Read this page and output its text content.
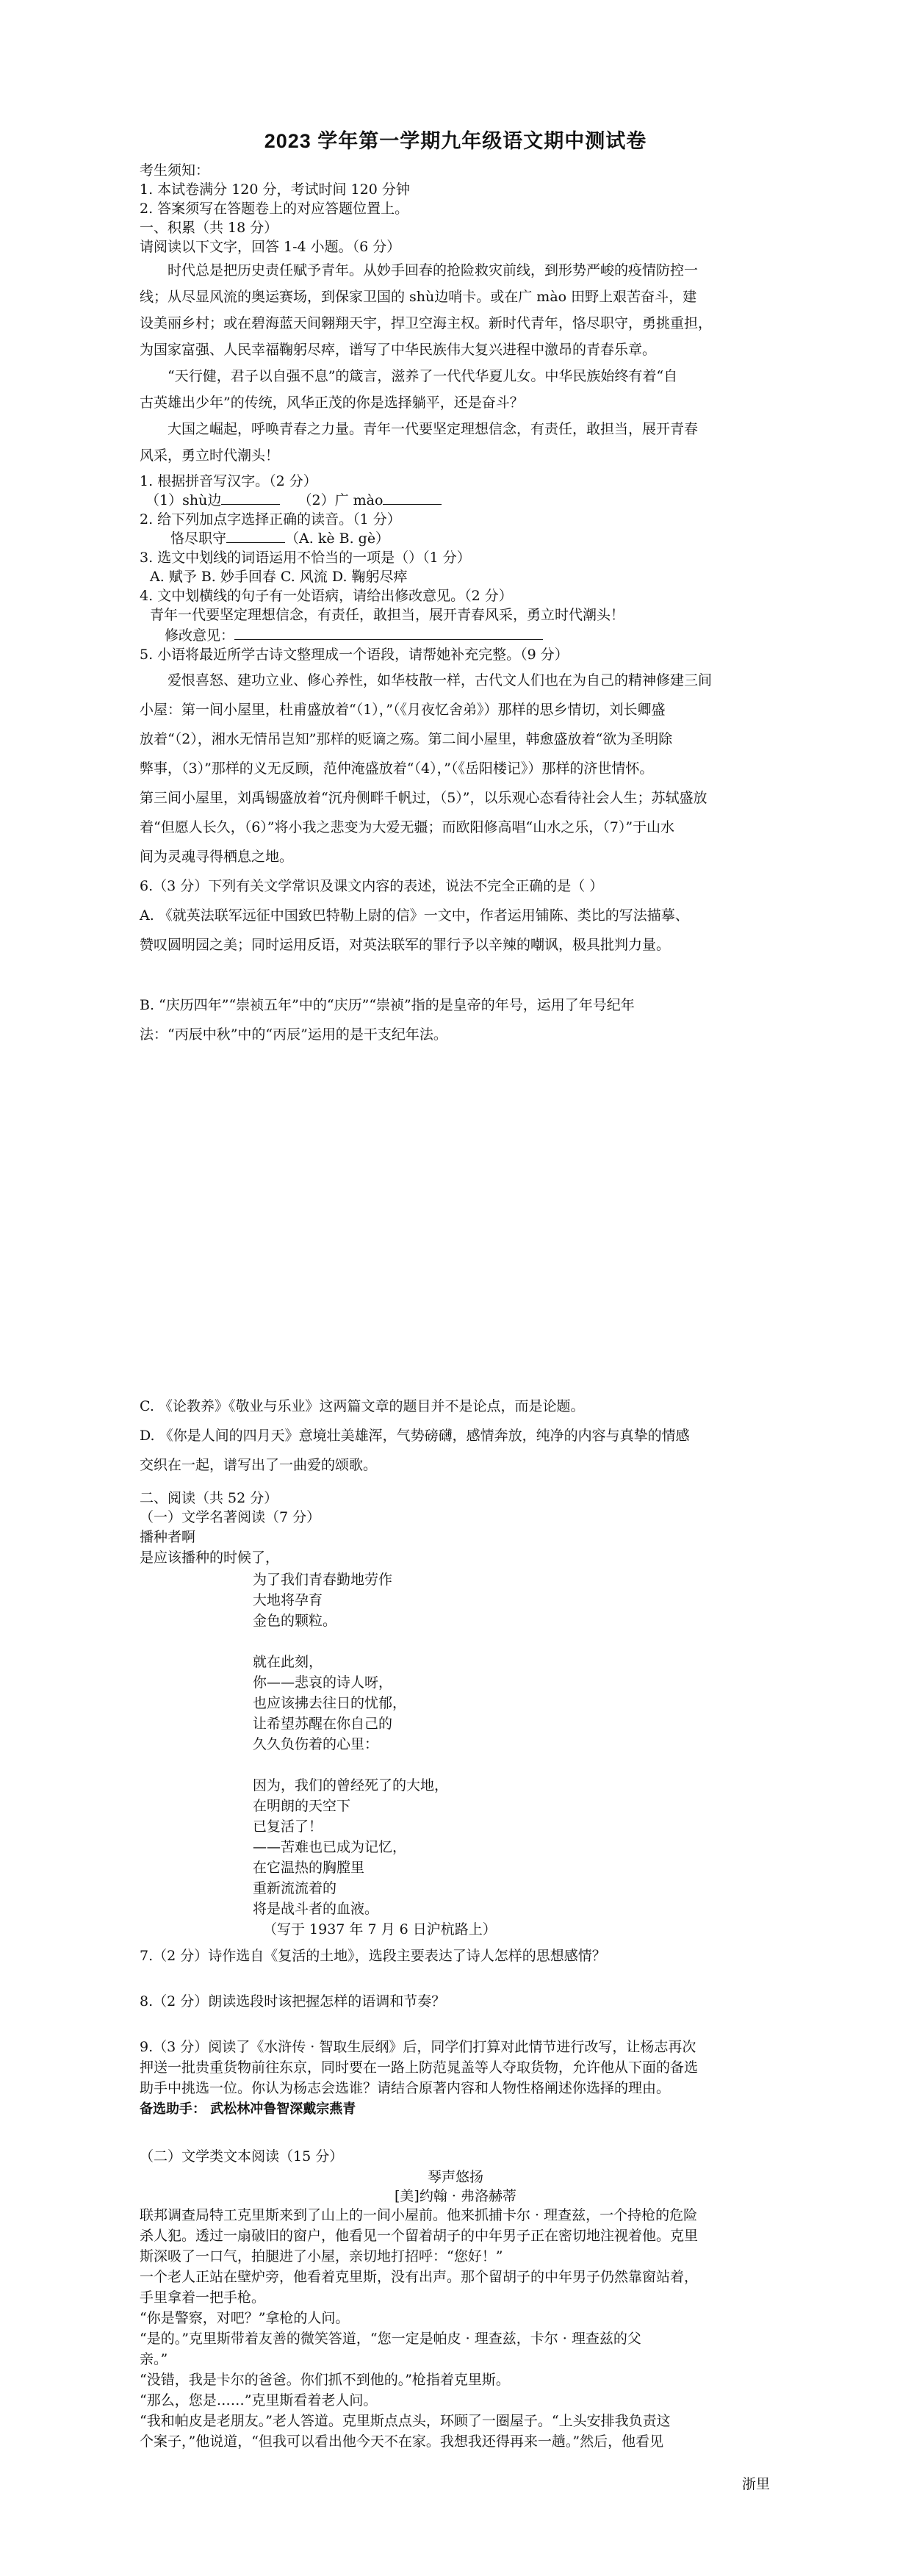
2023 学年第一学期九年级语文期中测试卷
考生须知：
1. 本试卷满分 120 分，考试时间 120 分钟
2. 答案须写在答题卷上的对应答题位置上。
一、积累（共 18 分）
请阅读以下文字，回答 1-4 小题。（6 分）
时代总是把历史责任赋予青年。从妙手回春的抢险救灾前线，到形势严峻的疫情防控一
线；从尽显风流的奥运赛场，到保家卫国的 shù边哨卡。或在广 mào 田野上艰苦奋斗，建
设美丽乡村；或在碧海蓝天间翱翔天宇，捍卫空海主权。新时代青年，恪尽职守，勇挑重担，
为国家富强、人民幸福鞠躬尽瘁，谱写了中华民族伟大复兴进程中激昂的青春乐章。
“天行健，君子以自强不息”的箴言，滋养了一代代华夏儿女。中华民族始终有着“自
古英雄出少年”的传统，风华正茂的你是选择躺平，还是奋斗？
大国之崛起，呼唤青春之力量。青年一代要坚定理想信念，有责任，敢担当，展开青春
风采，勇立时代潮头！
1. 根据拼音写汉字。（2 分）
（1）shù边	（2）广 mào
2. 给下列加点字选择正确的读音。（1 分）
恪尽职守	（A. kè B. gè）
3. 选文中划线的词语运用不恰当的一项是（）（1 分）
A. 赋予 B. 妙手回春 C. 风流 D. 鞠躬尽瘁
4. 文中划横线的句子有一处语病，请给出修改意见。（2 分）
青年一代要坚定理想信念，有责任，敢担当，展开青春风采，勇立时代潮头！
修改意见：
5. 小语将最近所学古诗文整理成一个语段，请帮她补充完整。（9 分）
爱恨喜怒、建功立业、修心养性，如华枝散一样，古代文人们也在为自己的精神修建三间
小屋：第一间小屋里，杜甫盛放着“（1），”（《月夜忆舍弟》）那样的思乡情切，刘长卿盛
放着“（2），湘水无情吊岂知”那样的贬谪之殇。第二间小屋里，韩愈盛放着“欲为圣明除
弊事，（3）”那样的义无反顾，范仲淹盛放着“（4），”（《岳阳楼记》）那样的济世情怀。
第三间小屋里，刘禹锡盛放着“沉舟侧畔千帆过，（5）”，以乐观心态看待社会人生；苏轼盛放
着“但愿人长久，（6）”将小我之悲变为大爱无疆；而欧阳修高唱“山水之乐，（7）”于山水
间为灵魂寻得栖息之地。
6.（3 分）下列有关文学常识及课文内容的表述，说法不完全正确的是（ ）
A. 《就英法联军远征中国致巴特勒上尉的信》一文中，作者运用铺陈、类比的写法描摹、
赞叹圆明园之美；同时运用反语，对英法联军的罪行予以辛辣的嘲讽，极具批判力量。
B. “庆历四年”“崇祯五年”中的“庆历”“崇祯”指的是皇帝的年号，运用了年号纪年
法：“丙辰中秋”中的“丙辰”运用的是干支纪年法。
C. 《论教养》《敬业与乐业》这两篇文章的题目并不是论点，而是论题。
D. 《你是人间的四月天》意境壮美雄浑，气势磅礴，感情奔放，纯净的内容与真挚的情感
交织在一起，谱写出了一曲爱的颂歌。
二、阅读（共 52 分）
（一）文学名著阅读（7 分）
播种者啊
是应该播种的时候了，
为了我们青春勤地劳作
大地将孕育
金色的颗粒。
就在此刻，
你——悲哀的诗人呀，
也应该拂去往日的忧郁，
让希望苏醒在你自己的
久久负伤着的心里：
因为，我们的曾经死了的大地，
在明朗的天空下
已复活了！
——苦难也已成为记忆，
在它温热的胸膛里
重新流流着的
将是战斗者的血液。
（写于 1937 年 7 月 6 日沪杭路上）
7.（2 分）诗作选自《复活的土地》，选段主要表达了诗人怎样的思想感情？
8.（2 分）朗读选段时该把握怎样的语调和节奏？
9.（3 分）阅读了《水浒传 · 智取生辰纲》后，同学们打算对此情节进行改写，让杨志再次
押送一批贵重货物前往东京，同时要在一路上防范晁盖等人夺取货物，允许他从下面的备选
助手中挑选一位。你认为杨志会选谁？请结合原著内容和人物性格阐述你选择的理由。
备选助手： 武松林冲鲁智深戴宗燕青
（二）文学类文本阅读（15 分）
琴声悠扬
[美]约翰 · 弗洛赫蒂
联邦调查局特工克里斯来到了山上的一间小屋前。他来抓捕卡尔 · 理查兹，一个持枪的危险
杀人犯。透过一扇破旧的窗户，他看见一个留着胡子的中年男子正在密切地注视着他。克里
斯深吸了一口气，拍腿进了小屋，亲切地打招呼：“您好！”
一个老人正站在壁炉旁，他看着克里斯，没有出声。那个留胡子的中年男子仍然靠窗站着，
手里拿着一把手枪。
“你是警察，对吧？”拿枪的人问。
“是的。”克里斯带着友善的微笑答道，“您一定是帕皮 · 理查兹，卡尔 · 理查兹的父
亲。”
“没错，我是卡尔的爸爸。你们抓不到他的。”枪指着克里斯。
“那么，您是……”克里斯看着老人问。
“我和帕皮是老朋友。”老人答道。克里斯点点头，环顾了一圈屋子。“上头安排我负责这
个案子，”他说道，“但我可以看出他今天不在家。我想我还得再来一趟。”然后，他看见
浙里
